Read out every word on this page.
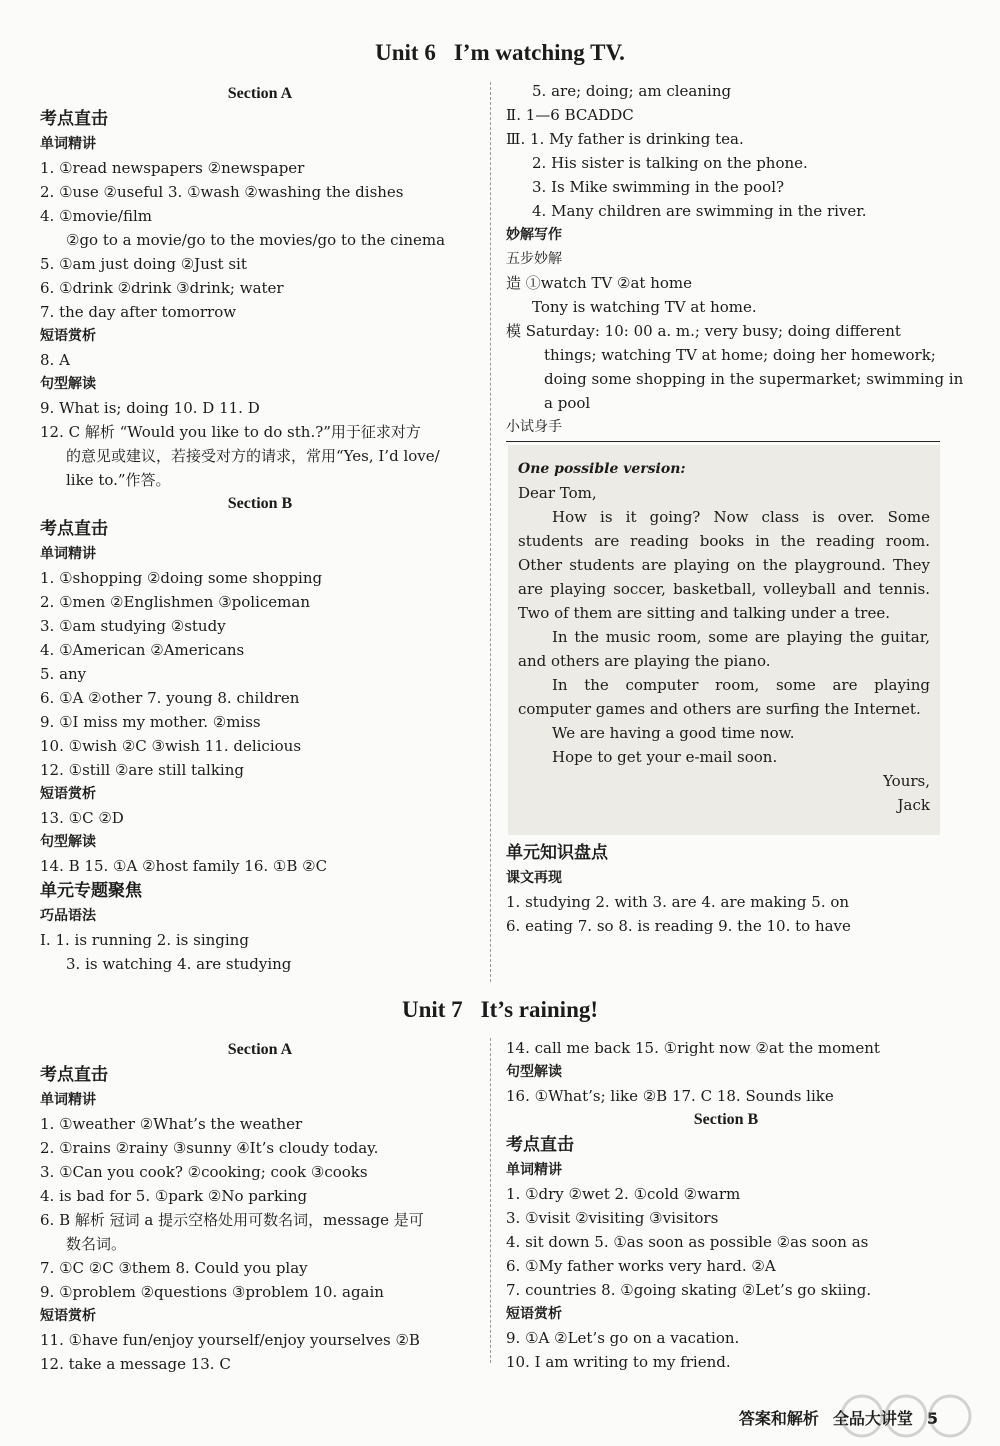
Unit 6 I’m watching TV.
Section A
考点直击
单词精讲
1. ①read newspapers ②newspaper
2. ①use ②useful 3. ①wash ②washing the dishes
4. ①movie/film
②go to a movie/go to the movies/go to the cinema
5. ①am just doing ②Just sit
6. ①drink ②drink ③drink; water
7. the day after tomorrow
短语赏析
8. A
句型解读
9. What is; doing 10. D 11. D
12. C 解析 “Would you like to do sth.?”用于征求对方
的意见或建议，若接受对方的请求，常用“Yes, I’d love/
like to.”作答。
Section B
考点直击
单词精讲
1. ①shopping ②doing some shopping
2. ①men ②Englishmen ③policeman
3. ①am studying ②study
4. ①American ②Americans
5. any
6. ①A ②other 7. young 8. children
9. ①I miss my mother. ②miss
10. ①wish ②C ③wish 11. delicious
12. ①still ②are still talking
短语赏析
13. ①C ②D
句型解读
14. B 15. ①A ②host family 16. ①B ②C
单元专题聚焦
巧品语法
Ⅰ. 1. is running 2. is singing
3. is watching 4. are studying
5. are; doing; am cleaning
Ⅱ. 1—6 BCADDC
Ⅲ. 1. My father is drinking tea.
2. His sister is talking on the phone.
3. Is Mike swimming in the pool?
4. Many children are swimming in the river.
妙解写作
五步妙解
造 ①watch TV ②at home
Tony is watching TV at home.
模 Saturday: 10: 00 a. m.; very busy; doing different
things; watching TV at home; doing her homework;
doing some shopping in the supermarket; swimming in
a pool
小试身手
One possible version:
Dear Tom,
How is it going? Now class is over. Some students are reading books in the reading room. Other students are playing on the playground. They are playing soccer, basketball, volleyball and tennis. Two of them are sitting and talking under a tree.
In the music room, some are playing the guitar, and others are playing the piano.
In the computer room, some are playing computer games and others are surfing the Internet.
We are having a good time now.
Hope to get your e-mail soon.
Yours,
Jack
单元知识盘点
课文再现
1. studying 2. with 3. are 4. are making 5. on
6. eating 7. so 8. is reading 9. the 10. to have
Unit 7 It’s raining!
Section A
考点直击
单词精讲
1. ①weather ②What’s the weather
2. ①rains ②rainy ③sunny ④It’s cloudy today.
3. ①Can you cook? ②cooking; cook ③cooks
4. is bad for 5. ①park ②No parking
6. B 解析 冠词 a 提示空格处用可数名词，message 是可
数名词。
7. ①C ②C ③them 8. Could you play
9. ①problem ②questions ③problem 10. again
短语赏析
11. ①have fun/enjoy yourself/enjoy yourselves ②B
12. take a message 13. C
14. call me back 15. ①right now ②at the moment
句型解读
16. ①What’s; like ②B 17. C 18. Sounds like
Section B
考点直击
单词精讲
1. ①dry ②wet 2. ①cold ②warm
3. ①visit ②visiting ③visitors
4. sit down 5. ①as soon as possible ②as soon as
6. ①My father works very hard. ②A
7. countries 8. ①going skating ②Let’s go skiing.
短语赏析
9. ①A ②Let’s go on a vacation.
10. I am writing to my friend.
答案和解析 全品大讲堂 5
